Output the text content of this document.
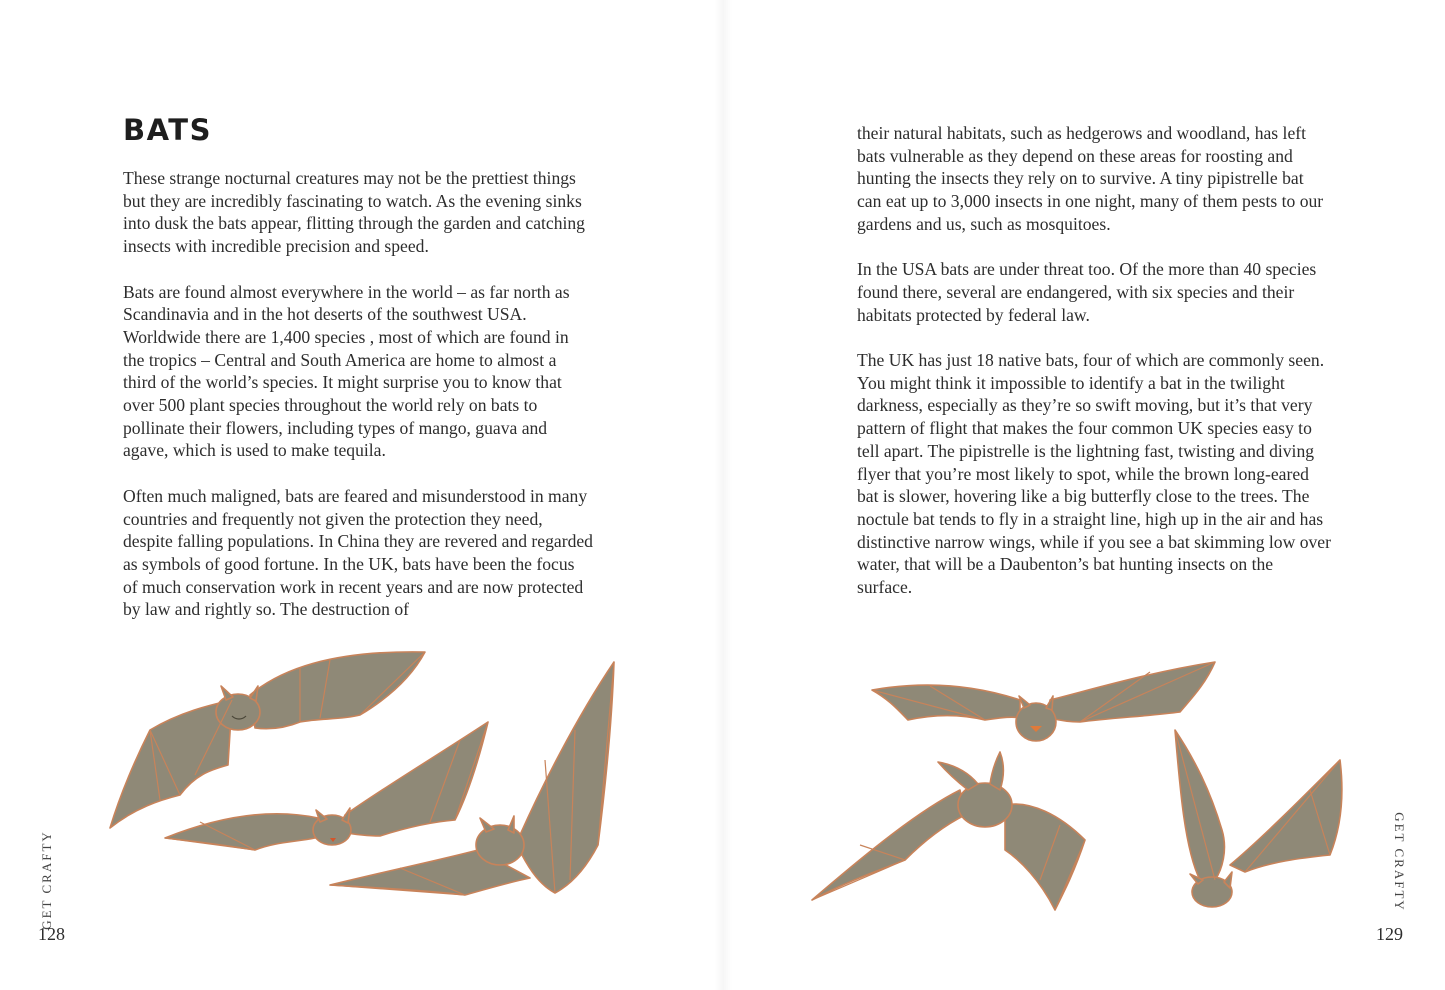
BATS

These strange nocturnal creatures may not be the prettiest things but they are incredibly fascinating to watch. As the evening sinks into dusk the bats appear, flitting through the garden and catching insects with incredible precision and speed.

Bats are found almost everywhere in the world – as far north as Scandinavia and in the hot deserts of the southwest USA. Worldwide there are 1,400 species , most of which are found in the tropics – Central and South America are home to almost a third of the world’s species. It might surprise you to know that over 500 plant species throughout the world rely on bats to pollinate their flowers, including types of mango, guava and agave, which is used to make tequila.

Often much maligned, bats are feared and misunderstood in many countries and frequently not given the protection they need, despite falling populations. In China they are revered and regarded as symbols of good fortune. In the UK, bats have been the focus of much conservation work in recent years and are now protected by law and rightly so. The destruction of

GET CRAFTY
128

their natural habitats, such as hedgerows and woodland, has left bats vulnerable as they depend on these areas for roosting and hunting the insects they rely on to survive. A tiny pipistrelle bat can eat up to 3,000 insects in one night, many of them pests to our gardens and us, such as mosquitoes.

In the USA bats are under threat too. Of the more than 40 species found there, several are endangered, with six species and their habitats protected by federal law.

The UK has just 18 native bats, four of which are commonly seen. You might think it impossible to identify a bat in the twilight darkness, especially as they’re so swift moving, but it’s that very pattern of flight that makes the four common UK species easy to tell apart. The pipistrelle is the lightning fast, twisting and diving flyer that you’re most likely to spot, while the brown long-eared bat is slower, hovering like a big butterfly close to the trees. The noctule bat tends to fly in a straight line, high up in the air and has distinctive narrow wings, while if you see a bat skimming low over water, that will be a Daubenton’s bat hunting insects on the surface.

GET CRAFTY
129
